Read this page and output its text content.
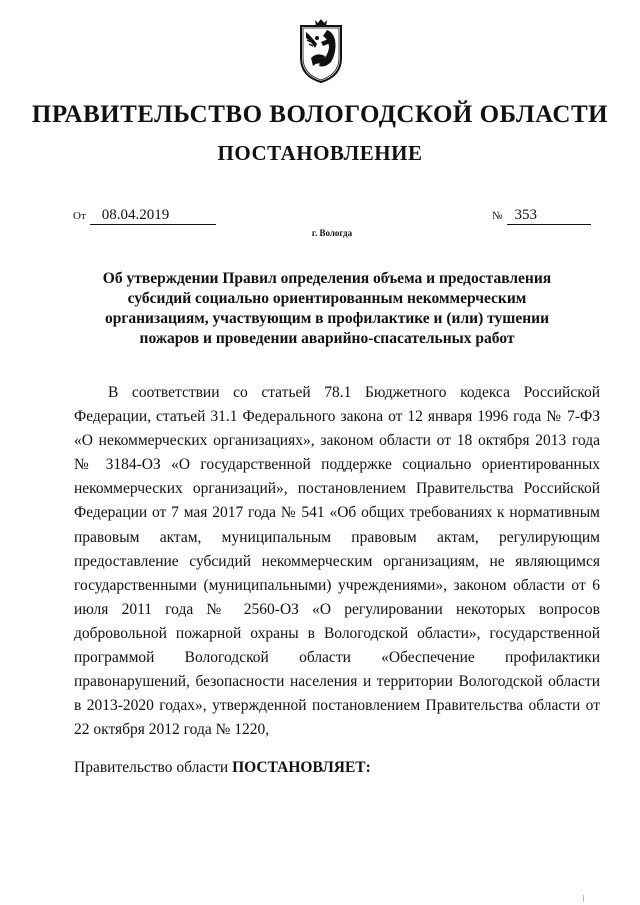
ПРАВИТЕЛЬСТВО ВОЛОГОДСКОЙ ОБЛАСТИ
ПОСТАНОВЛЕНИЕ
От 08.04.2019	№ 353
г. Вологда
Об утверждении Правил определения объема и предоставления субсидий социально ориентированным некоммерческим организациям, участвующим в профилактике и (или) тушении пожаров и проведении аварийно-спасательных работ
В соответствии со статьей 78.1 Бюджетного кодекса Российской Федерации, статьей 31.1 Федерального закона от 12 января 1996 года № 7-ФЗ «О некоммерческих организациях», законом области от 18 октября 2013 года № 3184-ОЗ «О государственной поддержке социально ориентированных некоммерческих организаций», постановлением Правительства Российской Федерации от 7 мая 2017 года № 541 «Об общих требованиях к нормативным правовым актам, муниципальным правовым актам, регулирующим предоставление субсидий некоммерческим организациям, не являющимся государственными (муниципальными) учреждениями», законом области от 6 июля 2011 года № 2560-ОЗ «О регулировании некоторых вопросов добровольной пожарной охраны в Вологодской области», государственной программой Вологодской области «Обеспечение профилактики правонарушений, безопасности населения и территории Вологодской области в 2013-2020 годах», утвержденной постановлением Правительства области от 22 октября 2012 года № 1220,
Правительство области ПОСТАНОВЛЯЕТ:
